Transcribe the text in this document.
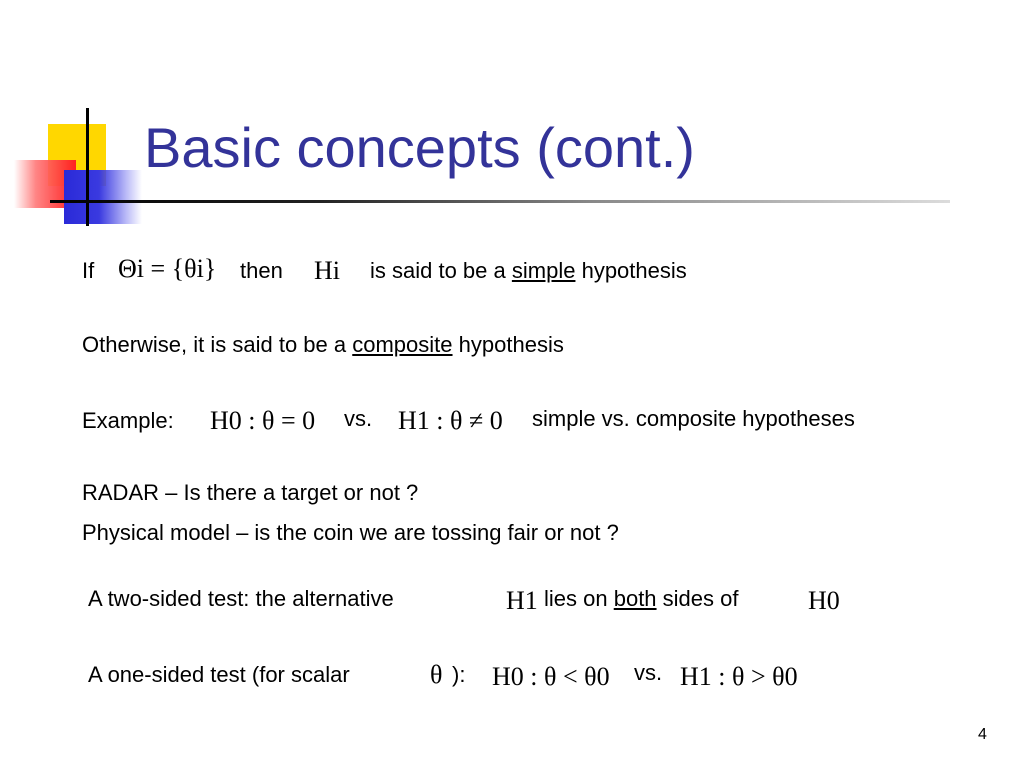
Basic concepts (cont.)
If Θi = {θi} then Hi is said to be a simple hypothesis
Otherwise, it is said to be a composite hypothesis
Example: H0 : θ = 0 vs. H1 : θ ≠ 0 simple vs. composite hypotheses
RADAR – Is there a target or not ?
Physical model – is the coin we are tossing fair or not ?
A two-sided test: the alternative	H1 lies on both sides of	H0
A one-sided test (for scalar	θ ): H0 : θ < θ0 vs. H1 : θ > θ0
4
